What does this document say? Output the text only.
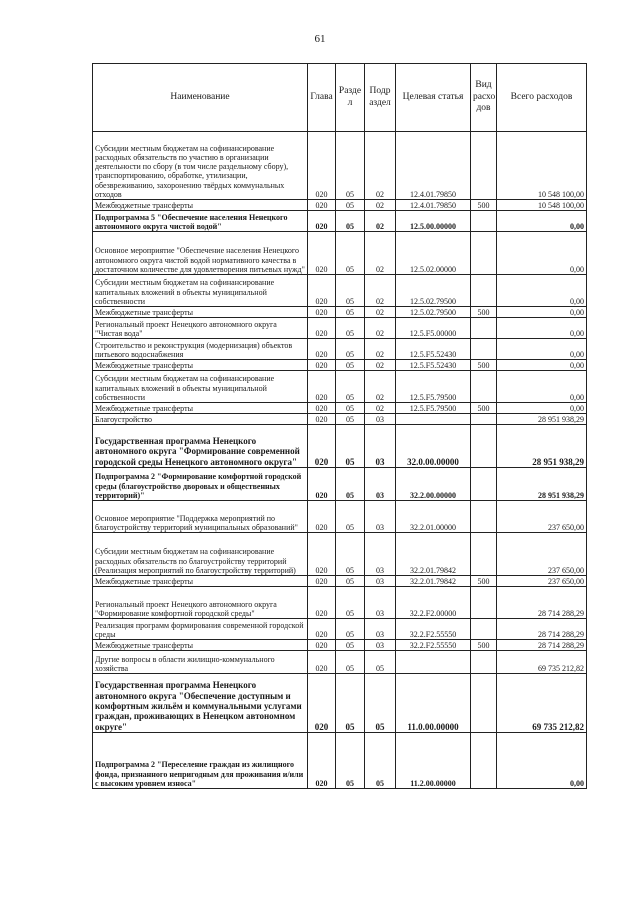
61
Наименование	Глава	Разде л	Подр аздел	Целевая статья	Вид расхо дов	Всего расходов
Субсидии местным бюджетам на софинансирование расходных обязательств по участию в организации деятельности по сбору (в том числе раздельному сбору), транспортированию, обработке, утилизации, обезвреживанию, захоронению твёрдых коммунальных отходов	020	05	02	12.4.01.79850		10 548 100,00
Межбюджетные трансферты	020	05	02	12.4.01.79850	500	10 548 100,00
Подпрограмма 5 "Обеспечение населения Ненецкого автономного округа чистой водой"	020	05	02	12.5.00.00000		0,00
Основное мероприятие "Обеспечение населения Ненецкого автономного округа чистой водой нормативного качества в достаточном количестве для удовлетворения питьевых нужд"	020	05	02	12.5.02.00000		0,00
Субсидии местным бюджетам на софинансирование капитальных вложений в объекты муниципальной собственности	020	05	02	12.5.02.79500		0,00
Межбюджетные трансферты	020	05	02	12.5.02.79500	500	0,00
Региональный проект Ненецкого автономного округа "Чистая вода"	020	05	02	12.5.F5.00000		0,00
Строительство и реконструкция (модернизация) объектов питьевого водоснабжения	020	05	02	12.5.F5.52430		0,00
Межбюджетные трансферты	020	05	02	12.5.F5.52430	500	0,00
Субсидии местным бюджетам на софинансирование капитальных вложений в объекты муниципальной собственности	020	05	02	12.5.F5.79500		0,00
Межбюджетные трансферты	020	05	02	12.5.F5.79500	500	0,00
Благоустройство	020	05	03			28 951 938,29
Государственная программа Ненецкого автономного округа "Формирование современной городской среды Ненецкого автономного округа"	020	05	03	32.0.00.00000		28 951 938,29
Подпрограмма 2 "Формирование комфортной городской среды (благоустройство дворовых и общественных территорий)"	020	05	03	32.2.00.00000		28 951 938,29
Основное мероприятие "Поддержка мероприятий по благоустройству территорий муниципальных образований"	020	05	03	32.2.01.00000		237 650,00
Субсидии местным бюджетам на софинансирование расходных обязательств по благоустройству территорий (Реализация мероприятий по благоустройству территорий)	020	05	03	32.2.01.79842		237 650,00
Межбюджетные трансферты	020	05	03	32.2.01.79842	500	237 650,00
Региональный проект Ненецкого автономного округа "Формирование комфортной городской среды"	020	05	03	32.2.F2.00000		28 714 288,29
Реализация программ формирования современной городской среды	020	05	03	32.2.F2.55550		28 714 288,29
Межбюджетные трансферты	020	05	03	32.2.F2.55550	500	28 714 288,29
Другие вопросы в области жилищно-коммунального хозяйства	020	05	05			69 735 212,82
Государственная программа Ненецкого автономного округа "Обеспечение доступным и комфортным жильём и коммунальными услугами граждан, проживающих в Ненецком автономном округе"	020	05	05	11.0.00.00000		69 735 212,82
Подпрограмма 2 "Переселение граждан из жилищного фонда, признанного непригодным для проживания и/или с высоким уровнем износа"	020	05	05	11.2.00.00000		0,00
